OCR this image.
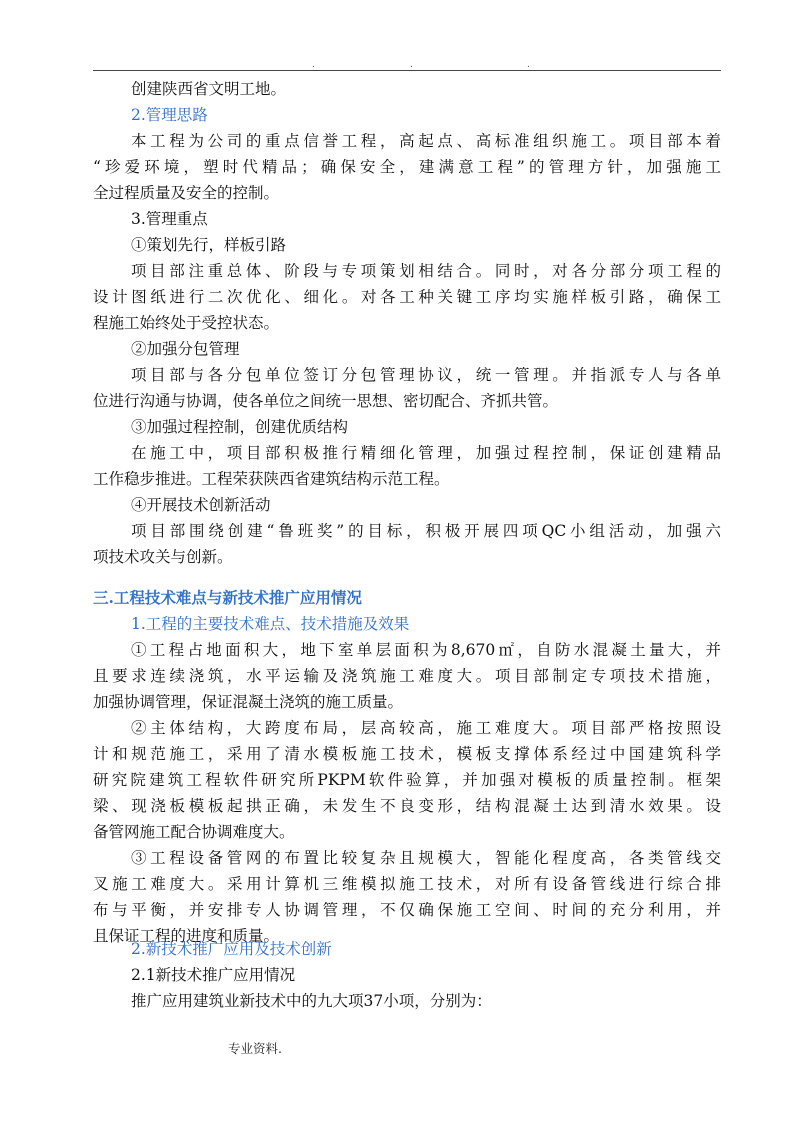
.	.	.
创建陕西省文明工地。
2.管理思路
本工程为公司的重点信誉工程，高起点、高标准组织施工。项目部本着
“珍爱环境，塑时代精品；确保安全，建满意工程”的管理方针，加强施工
全过程质量及安全的控制。
3.管理重点
①策划先行，样板引路
项目部注重总体、阶段与专项策划相结合。同时，对各分部分项工程的
设计图纸进行二次优化、细化。对各工种关键工序均实施样板引路，确保工
程施工始终处于受控状态。
②加强分包管理
项目部与各分包单位签订分包管理协议，统一管理。并指派专人与各单
位进行沟通与协调，使各单位之间统一思想、密切配合、齐抓共管。
③加强过程控制，创建优质结构
在施工中，项目部积极推行精细化管理，加强过程控制，保证创建精品
工作稳步推进。工程荣获陕西省建筑结构示范工程。
④开展技术创新活动
项目部围绕创建“鲁班奖”的目标，积极开展四项QC小组活动，加强六
项技术攻关与创新。
三.工程技术难点与新技术推广应用情况
1.工程的主要技术难点、技术措施及效果
①工程占地面积大，地下室单层面积为8,670㎡，自防水混凝土量大，并
且要求连续浇筑，水平运输及浇筑施工难度大。项目部制定专项技术措施，
加强协调管理，保证混凝土浇筑的施工质量。
②主体结构，大跨度布局，层高较高，施工难度大。项目部严格按照设
计和规范施工，采用了清水模板施工技术，模板支撑体系经过中国建筑科学
研究院建筑工程软件研究所PKPM软件验算，并加强对模板的质量控制。框架
梁、现浇板模板起拱正确，未发生不良变形，结构混凝土达到清水效果。设
备管网施工配合协调难度大。
③工程设备管网的布置比较复杂且规模大，智能化程度高，各类管线交
叉施工难度大。采用计算机三维模拟施工技术，对所有设备管线进行综合排
布与平衡，并安排专人协调管理，不仅确保施工空间、时间的充分利用，并
且保证工程的进度和质量。
2.新技术推广应用及技术创新
2.1新技术推广应用情况
推广应用建筑业新技术中的九大项37小项，分别为：
专业资料.
